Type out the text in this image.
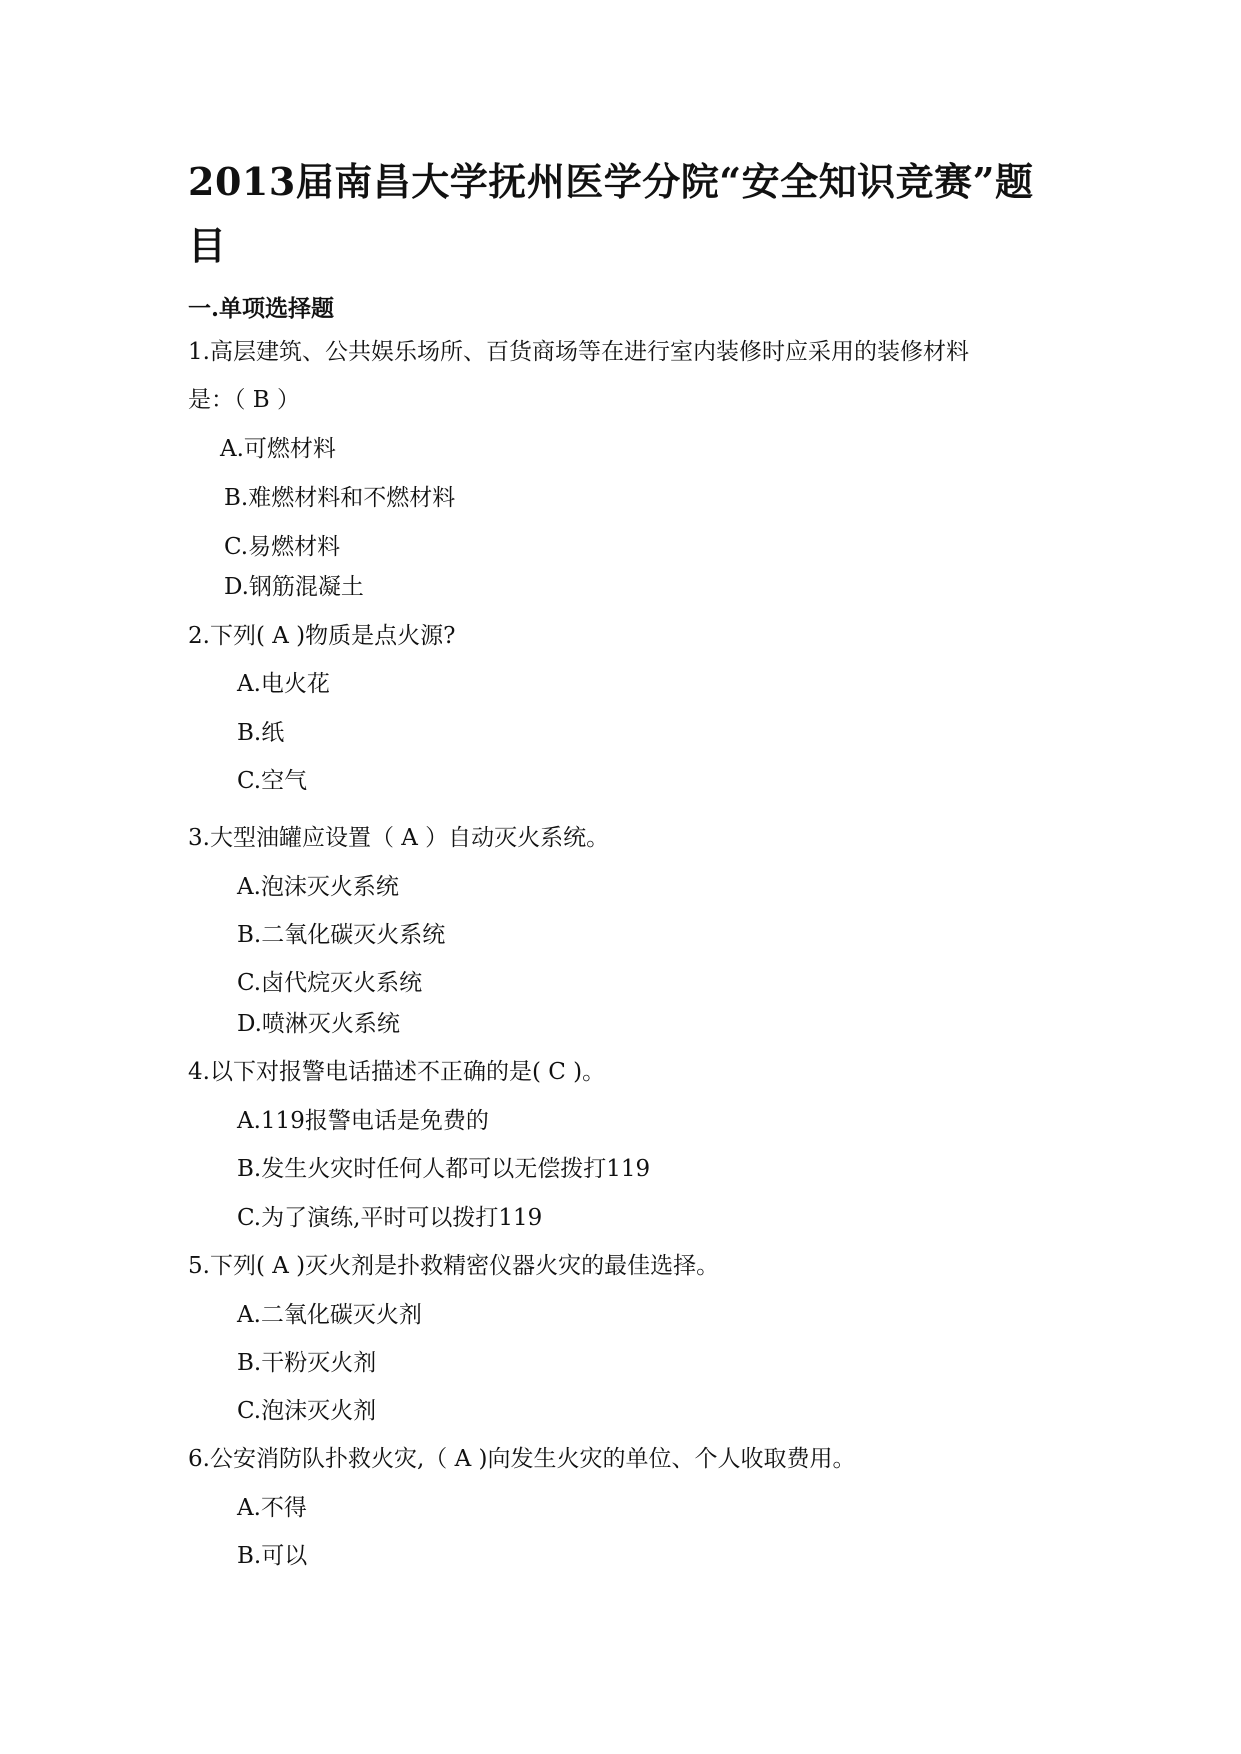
2013届南昌大学抚州医学分院“安全知识竞赛”题目
一.单项选择题
1.高层建筑、公共娱乐场所、百货商场等在进行室内装修时应采用的装修材料
是：（ B ）
A.可燃材料
B.难燃材料和不燃材料
C.易燃材料
D.钢筋混凝土
2.下列( A )物质是点火源?
A.电火花
B.纸
C.空气
3.大型油罐应设置（ A ）自动灭火系统。
A.泡沫灭火系统
B.二氧化碳灭火系统
C.卤代烷灭火系统
D.喷淋灭火系统
4.以下对报警电话描述不正确的是( C )。
A.119报警电话是免费的
B.发生火灾时任何人都可以无偿拨打119
C.为了演练,平时可以拨打119
5.下列( A )灭火剂是扑救精密仪器火灾的最佳选择。
A.二氧化碳灭火剂
B.干粉灭火剂
C.泡沫灭火剂
6.公安消防队扑救火灾,（ A )向发生火灾的单位、个人收取费用。
A.不得
B.可以
